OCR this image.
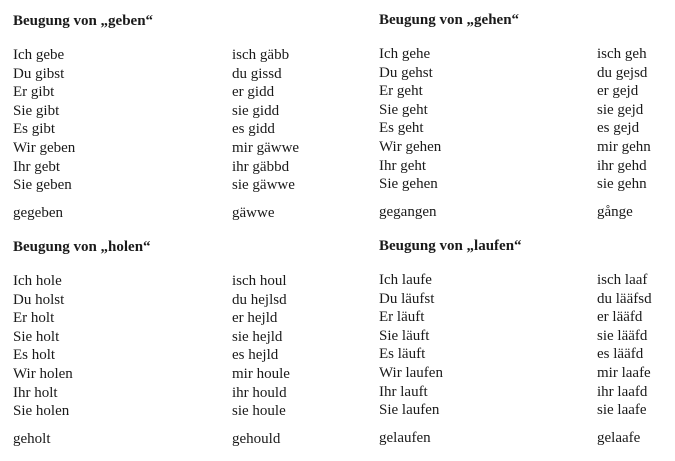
Beugung von „geben“
Ich gebe	isch gäbb
Du gibst	du gissd
Er gibt	er gidd
Sie gibt	sie gidd
Es gibt	es gidd
Wir geben	mir gäwwe
Ihr gebt	ihr gäbbd
Sie geben	sie gäwwe
gegeben	gäwwe
Beugung von „gehen“
Ich gehe	isch geh
Du gehst	du gejsd
Er geht	er gejd
Sie geht	sie gejd
Es geht	es gejd
Wir gehen	mir gehn
Ihr geht	ihr gehd
Sie gehen	sie gehn
gegangen	gånge
Beugung von „holen“
Ich hole	isch houl
Du holst	du hejlsd
Er holt	er hejld
Sie holt	sie hejld
Es holt	es hejld
Wir holen	mir houle
Ihr holt	ihr hould
Sie holen	sie houle
geholt	gehould
Beugung von „laufen“
Ich laufe	isch laaf
Du läufst	du lääfsd
Er läuft	er lääfd
Sie läuft	sie lääfd
Es läuft	es lääfd
Wir laufen	mir laafe
Ihr lauft	ihr laafd
Sie laufen	sie laafe
gelaufen	gelaafe
